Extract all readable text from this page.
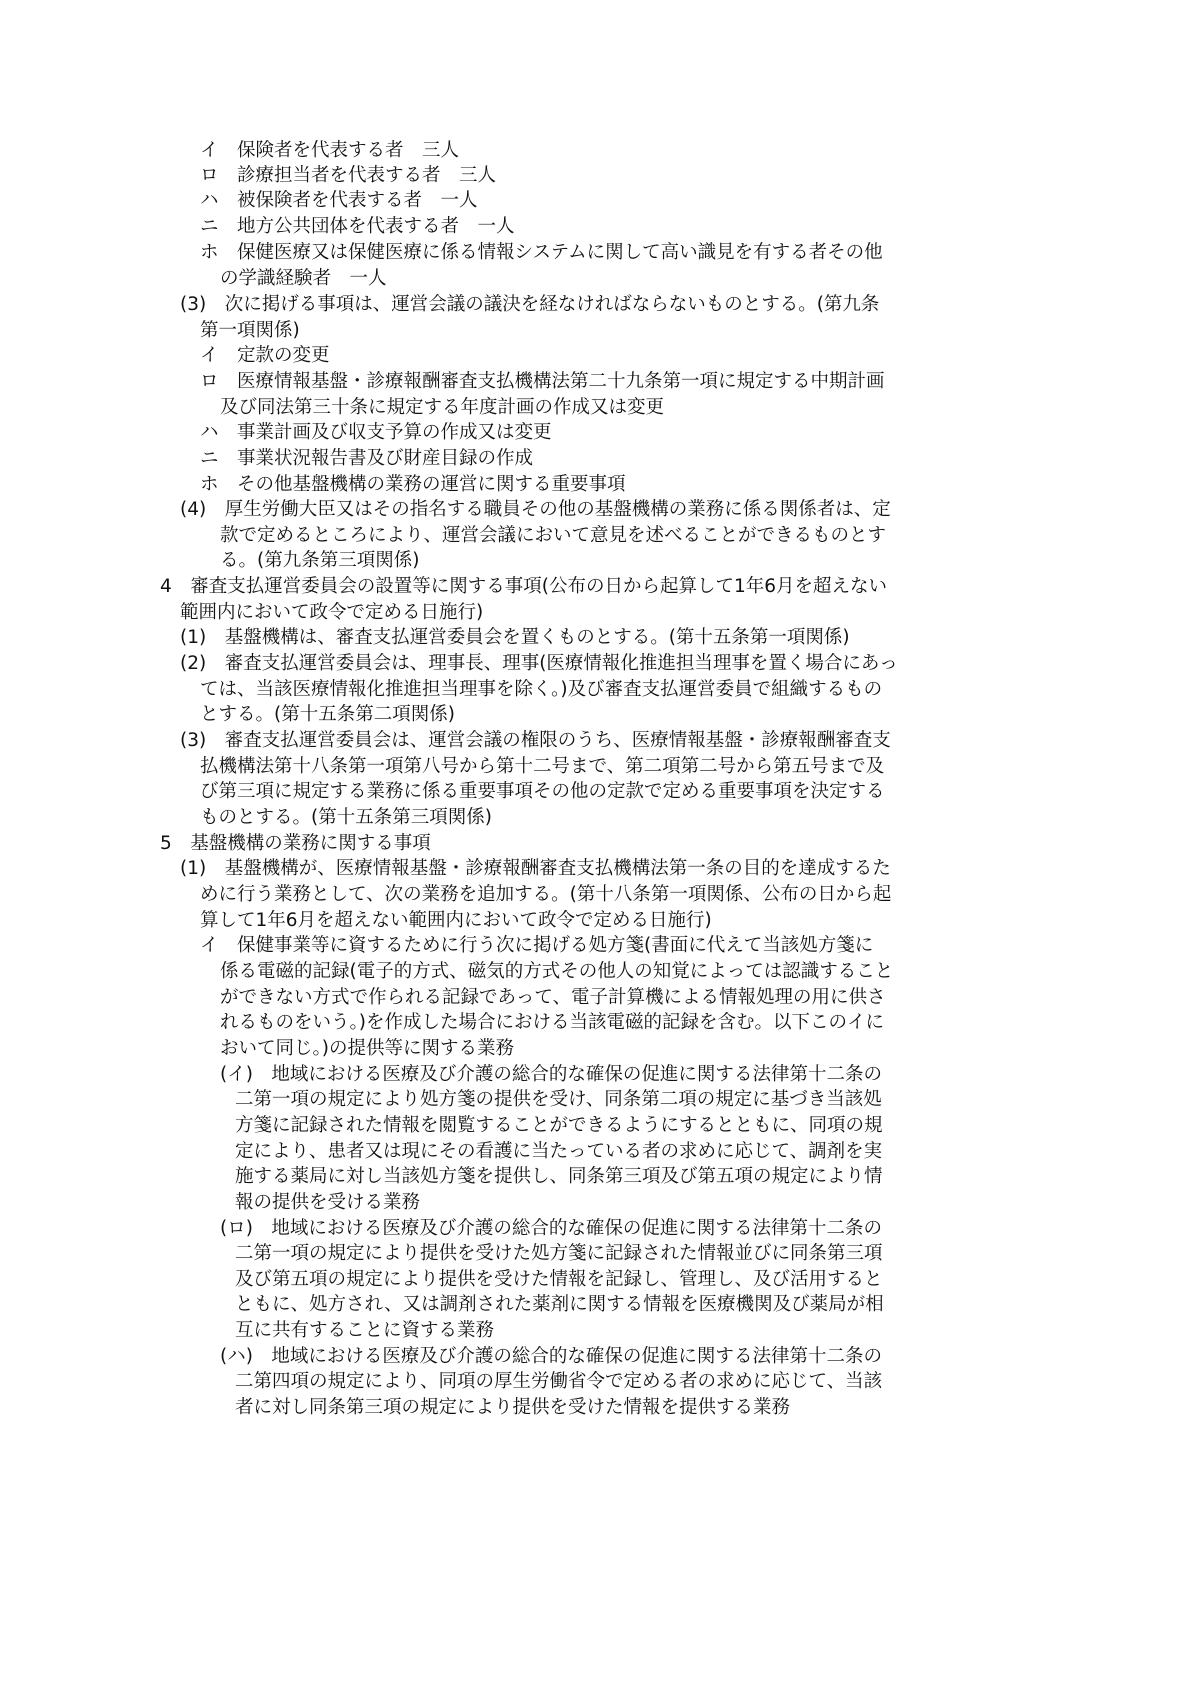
イ　保険者を代表する者　三人

ロ　診療担当者を代表する者　三人

ハ　被保険者を代表する者　一人

ニ　地方公共団体を代表する者　一人

ホ　保健医療又は保健医療に係る情報システムに関して高い識見を有する者その他

の学識経験者　一人

(3)　次に掲げる事項は、運営会議の議決を経なければならないものとする。(第九条

第一項関係)

イ　定款の変更

ロ　医療情報基盤・診療報酬審査支払機構法第二十九条第一項に規定する中期計画

及び同法第三十条に規定する年度計画の作成又は変更

ハ　事業計画及び収支予算の作成又は変更

ニ　事業状況報告書及び財産目録の作成

ホ　その他基盤機構の業務の運営に関する重要事項

(4)　厚生労働大臣又はその指名する職員その他の基盤機構の業務に係る関係者は、定

款で定めるところにより、運営会議において意見を述べることができるものとす

る。(第九条第三項関係)

4　審査支払運営委員会の設置等に関する事項(公布の日から起算して1年6月を超えない

範囲内において政令で定める日施行)

(1)　基盤機構は、審査支払運営委員会を置くものとする。(第十五条第一項関係)

(2)　審査支払運営委員会は、理事長、理事(医療情報化推進担当理事を置く場合にあっ

ては、当該医療情報化推進担当理事を除く。)及び審査支払運営委員で組織するもの

とする。(第十五条第二項関係)

(3)　審査支払運営委員会は、運営会議の権限のうち、医療情報基盤・診療報酬審査支

払機構法第十八条第一項第八号から第十二号まで、第二項第二号から第五号まで及

び第三項に規定する業務に係る重要事項その他の定款で定める重要事項を決定する

ものとする。(第十五条第三項関係)

5　基盤機構の業務に関する事項

(1)　基盤機構が、医療情報基盤・診療報酬審査支払機構法第一条の目的を達成するた

めに行う業務として、次の業務を追加する。(第十八条第一項関係、公布の日から起

算して1年6月を超えない範囲内において政令で定める日施行)

イ　保健事業等に資するために行う次に掲げる処方箋(書面に代えて当該処方箋に

係る電磁的記録(電子的方式、磁気的方式その他人の知覚によっては認識すること

ができない方式で作られる記録であって、電子計算機による情報処理の用に供さ

れるものをいう。)を作成した場合における当該電磁的記録を含む。以下このイに

おいて同じ。)の提供等に関する業務

(イ)　地域における医療及び介護の総合的な確保の促進に関する法律第十二条の

二第一項の規定により処方箋の提供を受け、同条第二項の規定に基づき当該処

方箋に記録された情報を閲覧することができるようにするとともに、同項の規

定により、患者又は現にその看護に当たっている者の求めに応じて、調剤を実

施する薬局に対し当該処方箋を提供し、同条第三項及び第五項の規定により情

報の提供を受ける業務

(ロ)　地域における医療及び介護の総合的な確保の促進に関する法律第十二条の

二第一項の規定により提供を受けた処方箋に記録された情報並びに同条第三項

及び第五項の規定により提供を受けた情報を記録し、管理し、及び活用すると

ともに、処方され、又は調剤された薬剤に関する情報を医療機関及び薬局が相

互に共有することに資する業務

(ハ)　地域における医療及び介護の総合的な確保の促進に関する法律第十二条の

二第四項の規定により、同項の厚生労働省令で定める者の求めに応じて、当該

者に対し同条第三項の規定により提供を受けた情報を提供する業務
